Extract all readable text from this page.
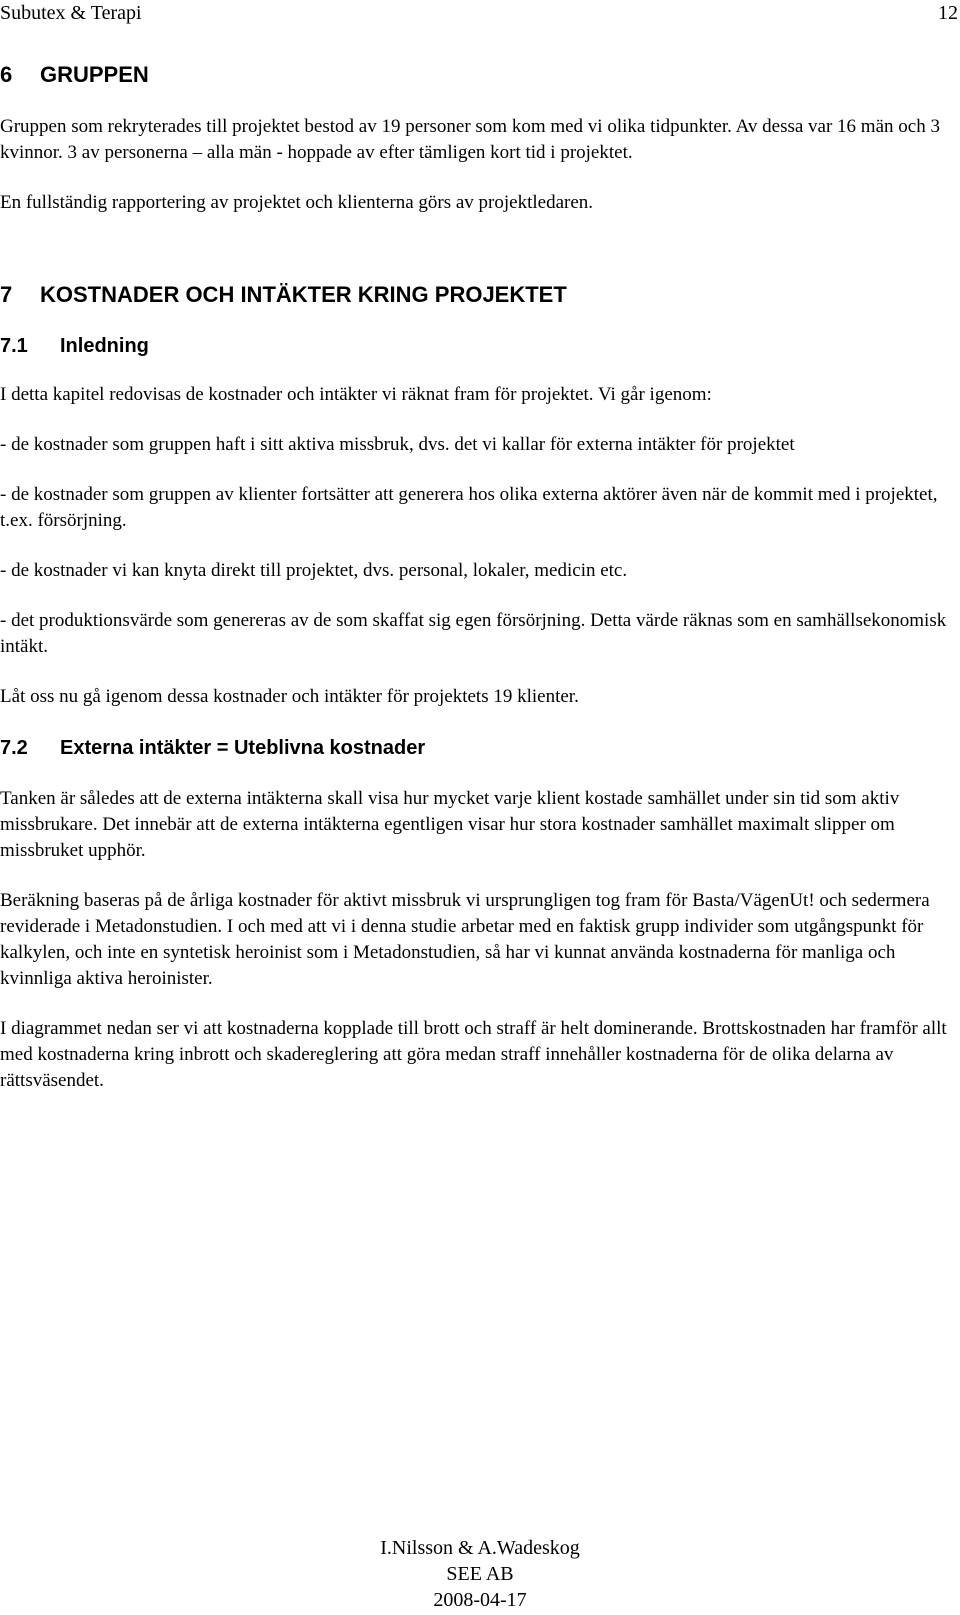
Subutex & Terapi	12
6	GRUPPEN

Gruppen som rekryterades till projektet bestod av 19 personer som kom med vi olika tidpunkter. Av dessa var 16 män och 3 kvinnor. 3 av personerna – alla män - hoppade av efter tämligen kort tid i projektet.

En fullständig rapportering av projektet och klienterna görs av projektledaren.

7	KOSTNADER OCH INTÄKTER KRING PROJEKTET
7.1	Inledning

I detta kapitel redovisas de kostnader och intäkter vi räknat fram för projektet. Vi går igenom:

- de kostnader som gruppen haft i sitt aktiva missbruk, dvs. det vi kallar för externa intäkter för projektet

- de kostnader som gruppen av klienter fortsätter att generera hos olika externa aktörer även när de kommit med i projektet, t.ex. försörjning.

- de kostnader vi kan knyta direkt till projektet, dvs. personal, lokaler, medicin etc.

- det produktionsvärde som genereras av de som skaffat sig egen försörjning. Detta värde räknas som en samhällsekonomisk intäkt.

Låt oss nu gå igenom dessa kostnader och intäkter för projektets 19 klienter.

7.2	Externa intäkter = Uteblivna kostnader

Tanken är således att de externa intäkterna skall visa hur mycket varje klient kostade samhället under sin tid som aktiv missbrukare. Det innebär att de externa intäkterna egentligen visar hur stora kostnader samhället maximalt slipper om missbruket upphör.

Beräkning baseras på de årliga kostnader för aktivt missbruk vi ursprungligen tog fram för Basta/VägenUt! och sedermera reviderade i Metadonstudien. I och med att vi i denna studie arbetar med en faktisk grupp individer som utgångspunkt för kalkylen, och inte en syntetisk heroinist som i Metadonstudien, så har vi kunnat använda kostnaderna för manliga och kvinnliga aktiva heroinister.

I diagrammet nedan ser vi att kostnaderna kopplade till brott och straff är helt dominerande. Brottskostnaden har framför allt med kostnaderna kring inbrott och skadereglering att göra medan straff innehåller kostnaderna för de olika delarna av rättsväsendet.

I.Nilsson & A.Wadeskog
SEE AB
2008-04-17
